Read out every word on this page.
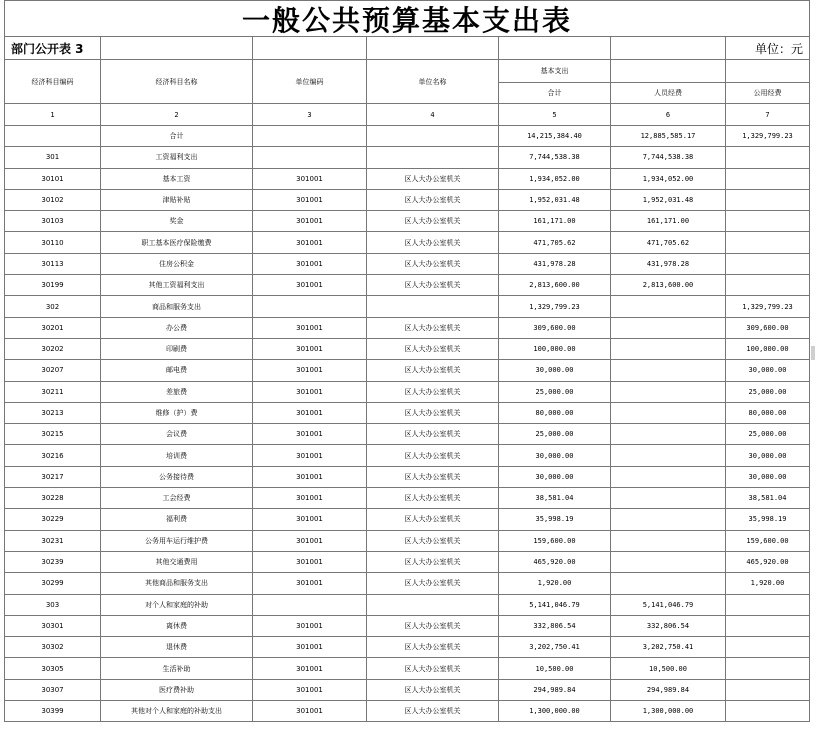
一般公共预算基本支出表
部门公开表 3						单位：元
经济科目编码	经济科目名称	单位编码	单位名称	基本支出		
				合计	人员经费	公用经费
1	2	3	4	5	6	7
	合计			14,215,384.40	12,885,585.17	1,329,799.23
301	工资福利支出			7,744,538.38	7,744,538.38	
30101	基本工资	301001	区人大办公室机关	1,934,052.00	1,934,052.00	
30102	津贴补贴	301001	区人大办公室机关	1,952,031.48	1,952,031.48	
30103	奖金	301001	区人大办公室机关	161,171.00	161,171.00	
30110	职工基本医疗保险缴费	301001	区人大办公室机关	471,705.62	471,705.62	
30113	住房公积金	301001	区人大办公室机关	431,978.28	431,978.28	
30199	其他工资福利支出	301001	区人大办公室机关	2,813,600.00	2,813,600.00	
302	商品和服务支出			1,329,799.23		1,329,799.23
30201	办公费	301001	区人大办公室机关	309,600.00		309,600.00
30202	印刷费	301001	区人大办公室机关	100,000.00		100,000.00
30207	邮电费	301001	区人大办公室机关	30,000.00		30,000.00
30211	差旅费	301001	区人大办公室机关	25,000.00		25,000.00
30213	维修（护）费	301001	区人大办公室机关	80,000.00		80,000.00
30215	会议费	301001	区人大办公室机关	25,000.00		25,000.00
30216	培训费	301001	区人大办公室机关	30,000.00		30,000.00
30217	公务接待费	301001	区人大办公室机关	30,000.00		30,000.00
30228	工会经费	301001	区人大办公室机关	38,581.04		38,581.04
30229	福利费	301001	区人大办公室机关	35,998.19		35,998.19
30231	公务用车运行维护费	301001	区人大办公室机关	159,600.00		159,600.00
30239	其他交通费用	301001	区人大办公室机关	465,920.00		465,920.00
30299	其他商品和服务支出	301001	区人大办公室机关	1,920.00		1,920.00
303	对个人和家庭的补助			5,141,046.79	5,141,046.79	
30301	离休费	301001	区人大办公室机关	332,806.54	332,806.54	
30302	退休费	301001	区人大办公室机关	3,202,750.41	3,202,750.41	
30305	生活补助	301001	区人大办公室机关	10,500.00	10,500.00	
30307	医疗费补助	301001	区人大办公室机关	294,989.84	294,989.84	
30399	其他对个人和家庭的补助支出	301001	区人大办公室机关	1,300,000.00	1,300,000.00	
